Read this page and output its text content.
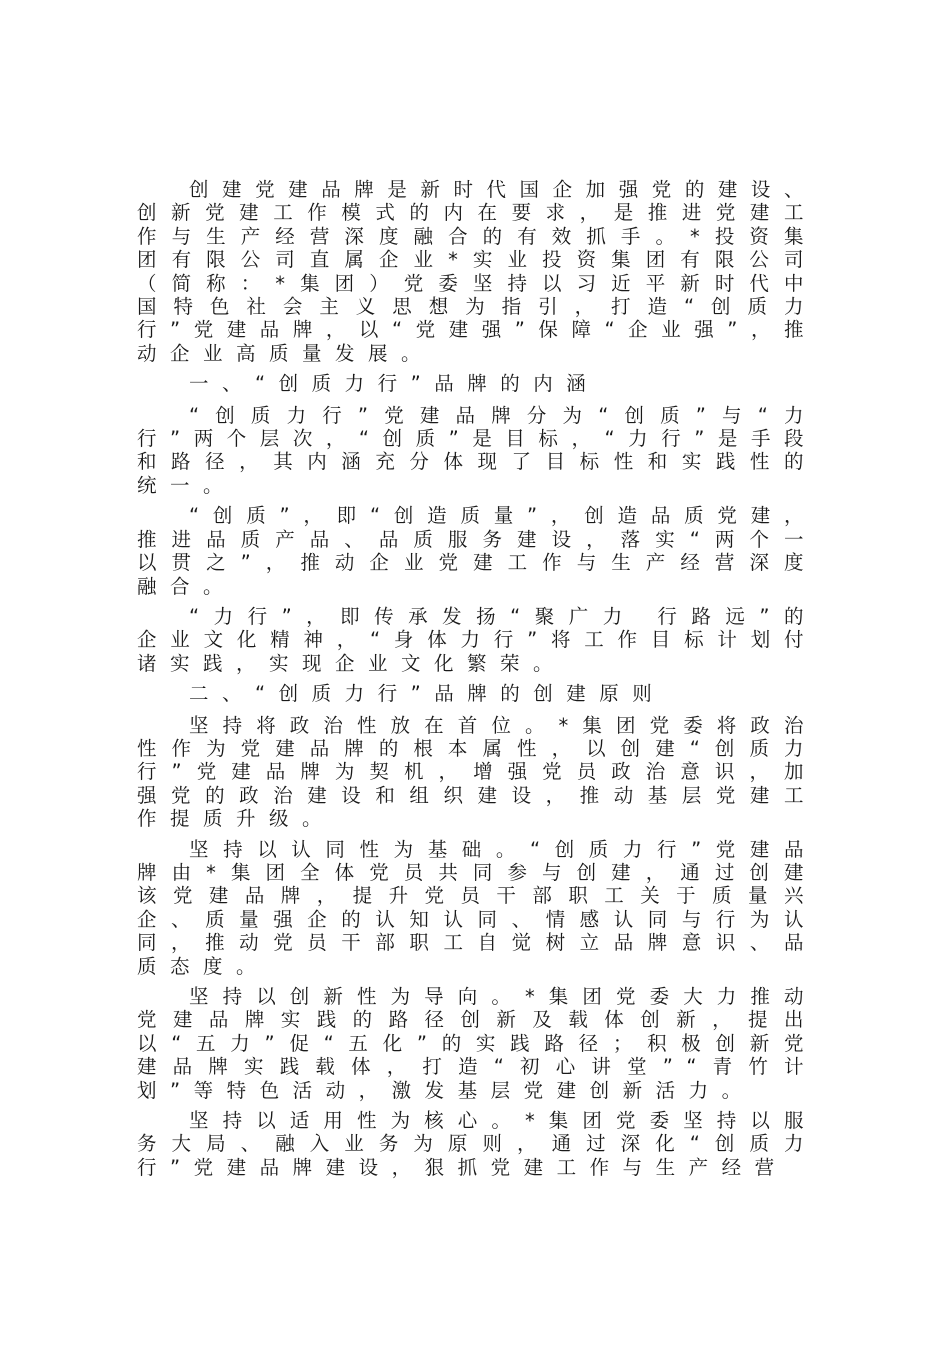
创建党建品牌是新时代国企加强党的建设、创新党建工作模式的内在要求，是推进党建工作与生产经营深度融合的有效抓手。*投资集团有限公司直属企业*实业投资集团有限公司（简称：*集团）党委坚持以习近平新时代中国特色社会主义思想为指引，打造“创质力行”党建品牌，以“党建强”保障“企业强”，推动企业高质量发展。

一、“创质力行”品牌的内涵

“创质力行”党建品牌分为“创质”与“力行”两个层次，“创质”是目标，“力行”是手段和路径，其内涵充分体现了目标性和实践性的统一。

“创质”，即“创造质量”，创造品质党建，推进品质产品、品质服务建设，落实“两个一以贯之”，推动企业党建工作与生产经营深度融合。

“力行”，即传承发扬“聚广力 行路远”的企业文化精神，“身体力行”将工作目标计划付诸实践，实现企业文化繁荣。

二、“创质力行”品牌的创建原则

坚持将政治性放在首位。*集团党委将政治性作为党建品牌的根本属性，以创建“创质力行”党建品牌为契机，增强党员政治意识，加强党的政治建设和组织建设，推动基层党建工作提质升级。

坚持以认同性为基础。“创质力行”党建品牌由*集团全体党员共同参与创建，通过创建该党建品牌，提升党员干部职工关于质量兴企、质量强企的认知认同、情感认同与行为认同，推动党员干部职工自觉树立品牌意识、品质态度。

坚持以创新性为导向。*集团党委大力推动党建品牌实践的路径创新及载体创新，提出以“五力”促“五化”的实践路径；积极创新党建品牌实践载体，打造“初心讲堂”“青竹计划”等特色活动，激发基层党建创新活力。

坚持以适用性为核心。*集团党委坚持以服务大局、融入业务为原则，通过深化“创质力行”党建品牌建设，狠抓党建工作与生产经营
